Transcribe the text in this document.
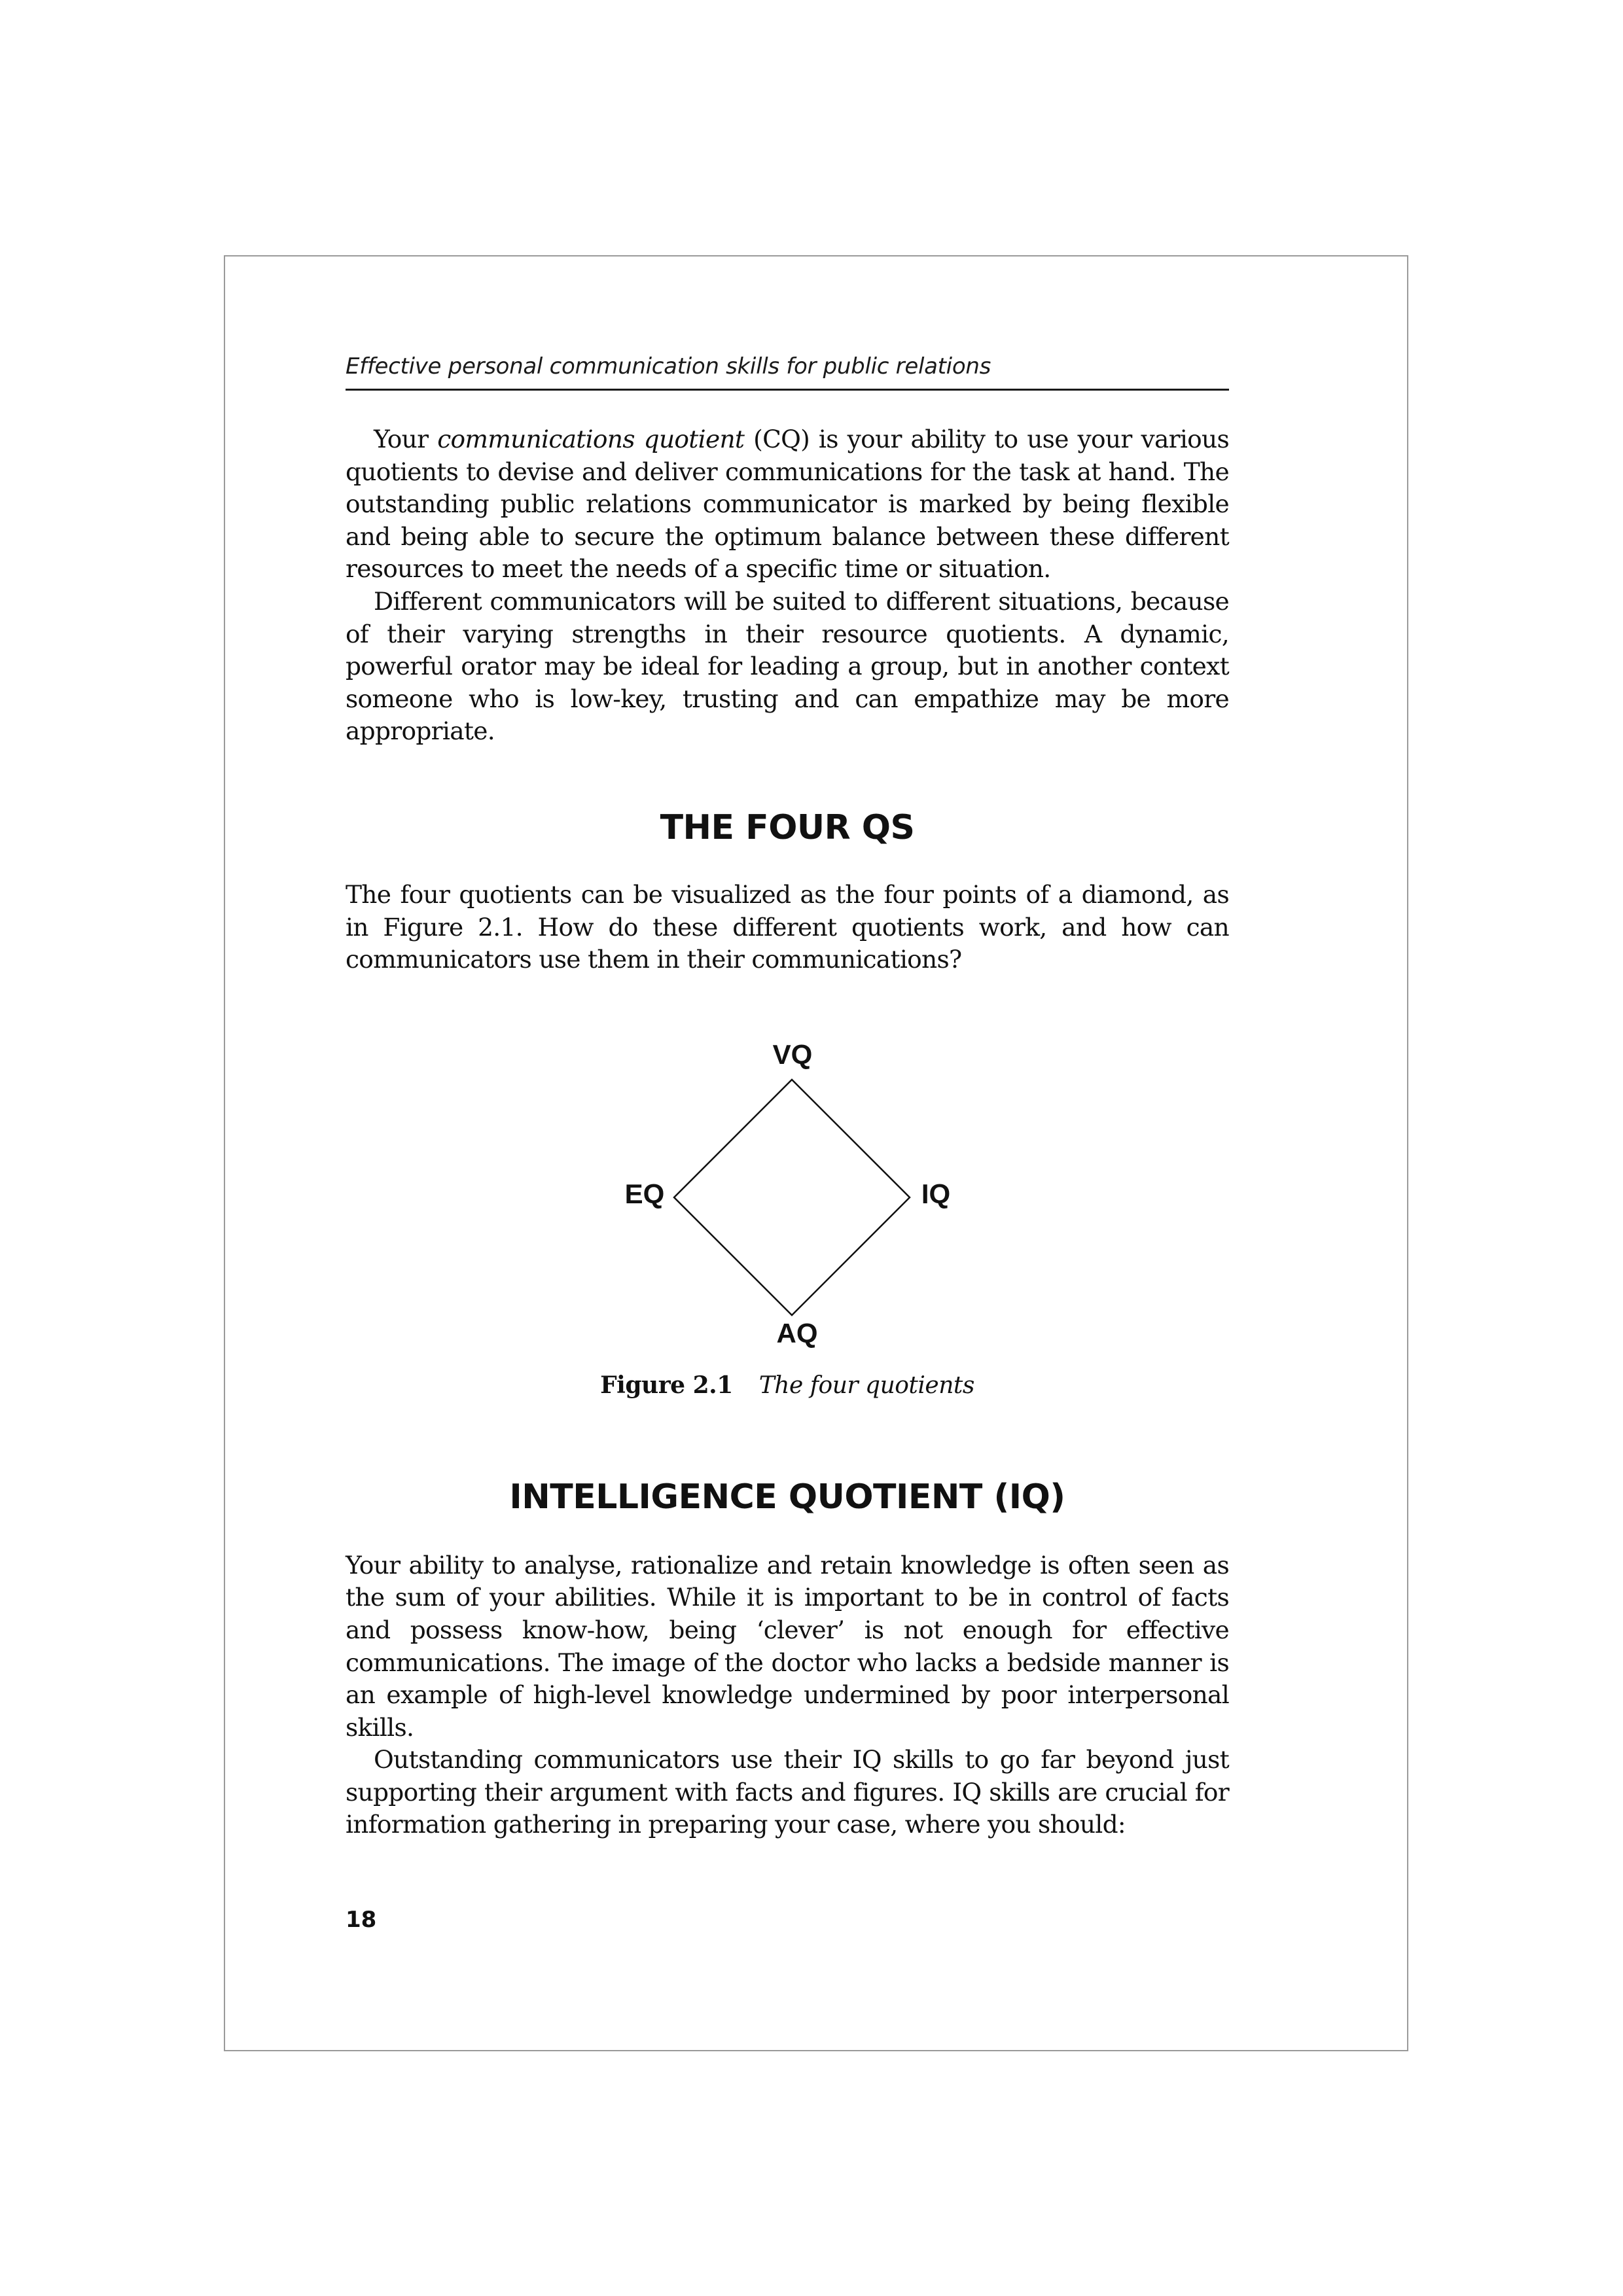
Effective personal communication skills for public relations

Your communications quotient (CQ) is your ability to use your various quotients to devise and deliver communications for the task at hand. The outstanding public relations communicator is marked by being flexible and being able to secure the optimum balance between these different resources to meet the needs of a specific time or situation.

Different communicators will be suited to different situations, because of their varying strengths in their resource quotients. A dynamic, powerful orator may be ideal for leading a group, but in another context someone who is low-key, trusting and can empathize may be more appropriate.

THE FOUR QS

The four quotients can be visualized as the four points of a diamond, as in Figure 2.1. How do these different quotients work, and how can communicators use them in their communications?

VQ
EQ	IQ
AQ
Figure 2.1 The four quotients
INTELLIGENCE QUOTIENT (IQ)

Your ability to analyse, rationalize and retain knowledge is often seen as the sum of your abilities. While it is important to be in control of facts and possess know-how, being ‘clever’ is not enough for effective communications. The image of the doctor who lacks a bedside manner is an example of high-level knowledge undermined by poor interpersonal skills.

Outstanding communicators use their IQ skills to go far beyond just supporting their argument with facts and figures. IQ skills are crucial for information gathering in preparing your case, where you should:

18
